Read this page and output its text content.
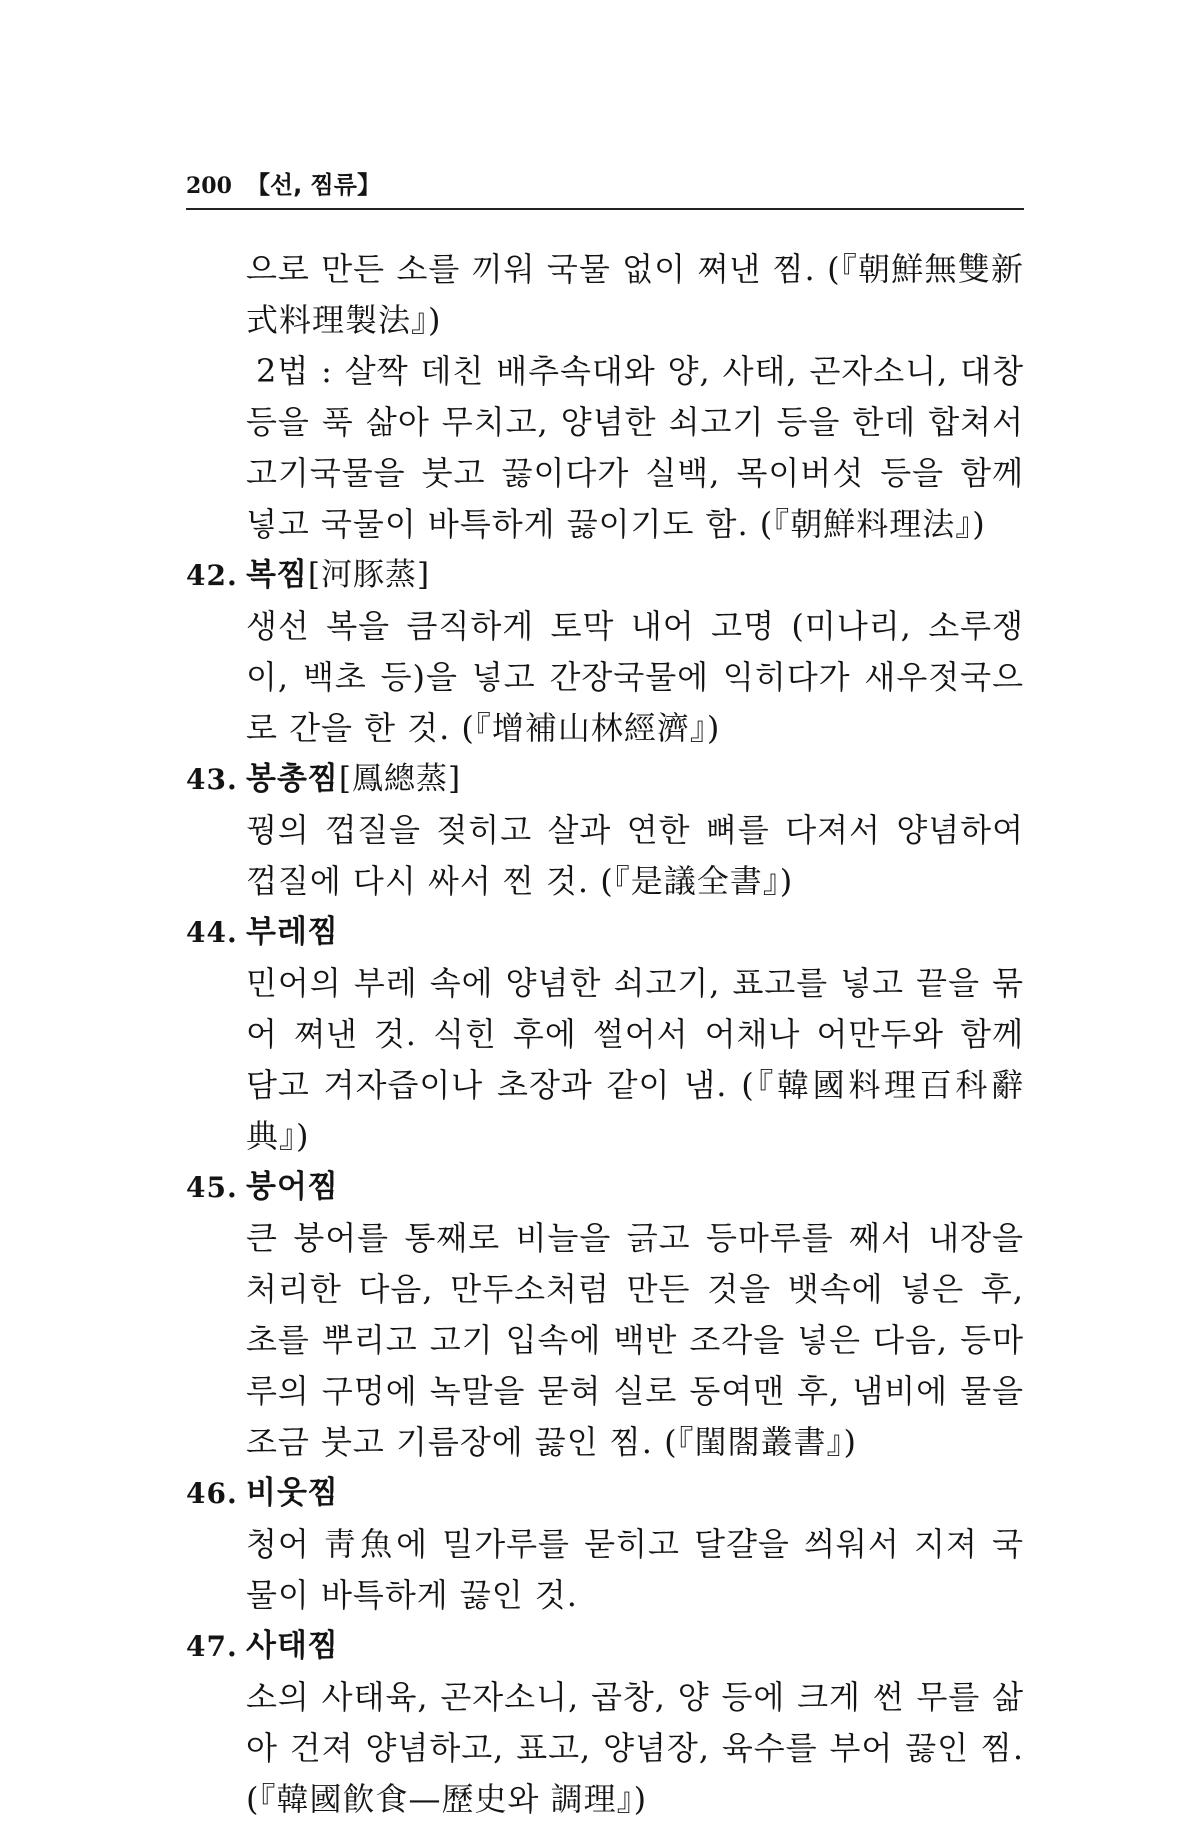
200 【선, 찜류】

으로 만든 소를 끼워 국물 없이 쪄낸 찜. (『朝鮮無雙新式料理製法』)

2법 : 살짝 데친 배추속대와 양, 사태, 곤자소니, 대창 등을 푹 삶아 무치고, 양념한 쇠고기 등을 한데 합쳐서 고기국물을 붓고 끓이다가 실백, 목이버섯 등을 함께 넣고 국물이 바특하게 끓이기도 함. (『朝鮮料理法』)

42. 복찜[河豚蒸]

생선 복을 큼직하게 토막 내어 고명 (미나리, 소루쟁이, 백초 등)을 넣고 간장국물에 익히다가 새우젓국으로 간을 한 것. (『增補山林經濟』)

43. 봉총찜[鳳總蒸]

꿩의 껍질을 젖히고 살과 연한 뼈를 다져서 양념하여 껍질에 다시 싸서 찐 것. (『是議全書』)

44. 부레찜

민어의 부레 속에 양념한 쇠고기, 표고를 넣고 끝을 묶어 쪄낸 것. 식힌 후에 썰어서 어채나 어만두와 함께 담고 겨자즙이나 초장과 같이 냄. (『韓國料理百科辭典』)

45. 붕어찜

큰 붕어를 통째로 비늘을 긁고 등마루를 째서 내장을 처리한 다음, 만두소처럼 만든 것을 뱃속에 넣은 후, 초를 뿌리고 고기 입속에 백반 조각을 넣은 다음, 등마루의 구멍에 녹말을 묻혀 실로 동여맨 후, 냄비에 물을 조금 붓고 기름장에 끓인 찜. (『閨閤叢書』)

46. 비웃찜

청어 靑魚에 밀가루를 묻히고 달걀을 씌워서 지져 국물이 바특하게 끓인 것.

47. 사태찜

소의 사태육, 곤자소니, 곱창, 양 등에 크게 썬 무를 삶아 건져 양념하고, 표고, 양념장, 육수를 부어 끓인 찜. (『韓國飮食—歷史와 調理』)
